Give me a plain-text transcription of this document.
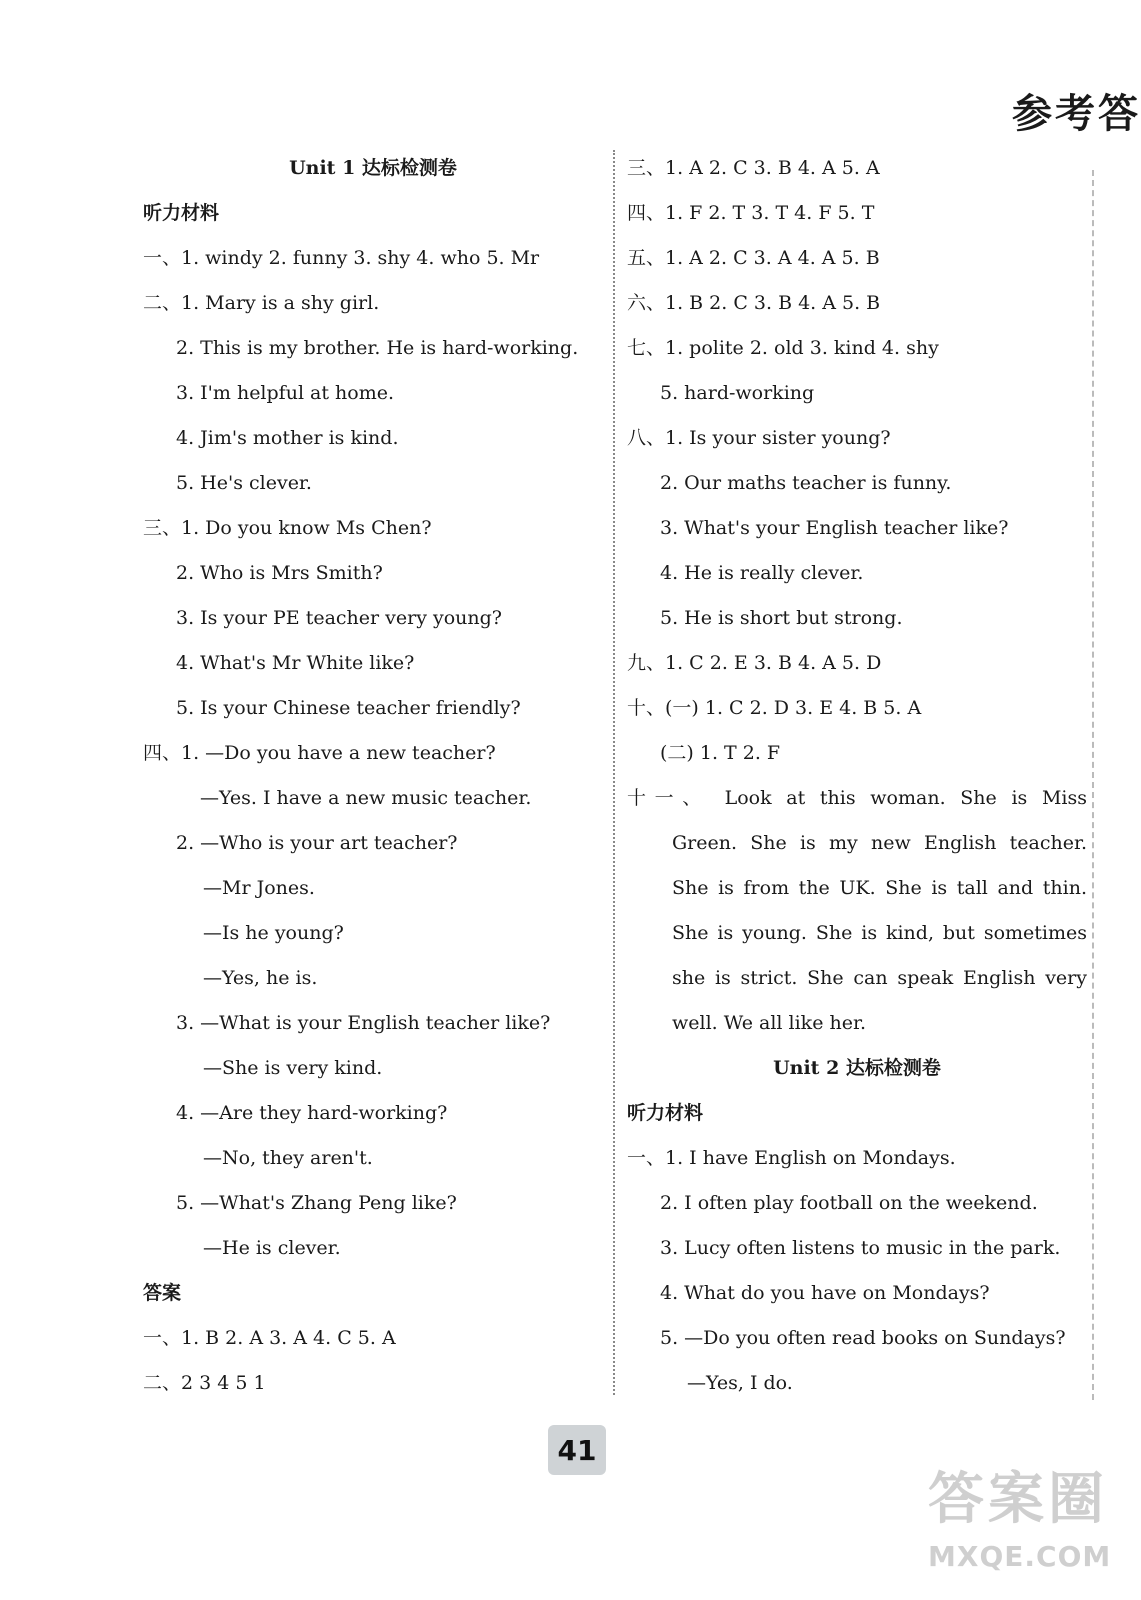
参考答
Unit 1 达标检测卷
听力材料
一、1. windy 2. funny 3. shy 4. who 5. Mr
二、1. Mary is a shy girl.
2. This is my brother. He is hard-working.
3. I'm helpful at home.
4. Jim's mother is kind.
5. He's clever.
三、1. Do you know Ms Chen?
2. Who is Mrs Smith?
3. Is your PE teacher very young?
4. What's Mr White like?
5. Is your Chinese teacher friendly?
四、1. —Do you have a new teacher?
—Yes. I have a new music teacher.
2. —Who is your art teacher?
—Mr Jones.
—Is he young?
—Yes, he is.
3. —What is your English teacher like?
—She is very kind.
4. —Are they hard-working?
—No, they aren't.
5. —What's Zhang Peng like?
—He is clever.
答案
一、1. B 2. A 3. A 4. C 5. A
二、2 3 4 5 1
三、1. A 2. C 3. B 4. A 5. A
四、1. F 2. T 3. T 4. F 5. T
五、1. A 2. C 3. A 4. A 5. B
六、1. B 2. C 3. B 4. A 5. B
七、1. polite 2. old 3. kind 4. shy
5. hard-working
八、1. Is your sister young?
2. Our maths teacher is funny.
3. What's your English teacher like?
4. He is really clever.
5. He is short but strong.
九、1. C 2. E 3. B 4. A 5. D
十、(一) 1. C 2. D 3. E 4. B 5. A
(二) 1. T 2. F
十一、 Look at this woman. She is Miss
Green. She is my new English teacher.
She is from the UK. She is tall and thin.
She is young. She is kind, but sometimes
she is strict. She can speak English very
well. We all like her.
Unit 2 达标检测卷
听力材料
一、1. I have English on Mondays.
2. I often play football on the weekend.
3. Lucy often listens to music in the park.
4. What do you have on Mondays?
5. —Do you often read books on Sundays?
—Yes, I do.
41
答案圈
MXQE.COM
